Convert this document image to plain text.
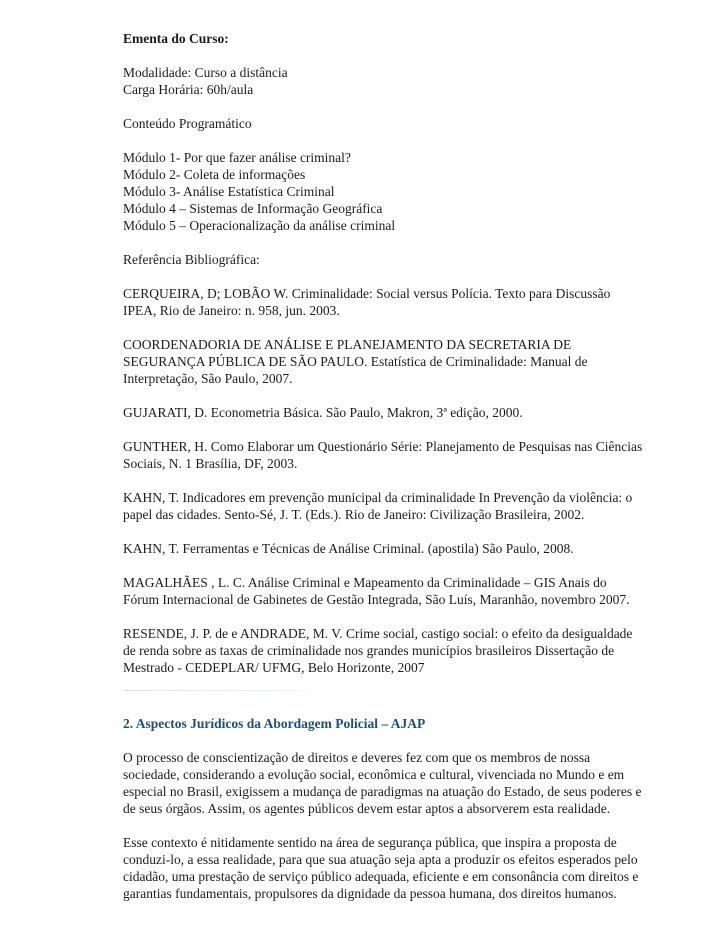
Ementa do Curso:
Modalidade: Curso a distância
Carga Horária: 60h/aula
Conteúdo Programático
Módulo 1- Por que fazer análise criminal?
Módulo 2- Coleta de informações
Módulo 3- Análise Estatística Criminal
Módulo 4 – Sistemas de Informação Geográfica
Módulo 5 – Operacionalização da análise criminal
Referência Bibliográfica:
CERQUEIRA, D; LOBÃO W. Criminalidade: Social versus Polícia. Texto para Discussão
IPEA, Rio de Janeiro: n. 958, jun. 2003.
COORDENADORIA DE ANÁLISE E PLANEJAMENTO DA SECRETARIA DE
SEGURANÇA PÚBLICA DE SÃO PAULO. Estatística de Criminalidade: Manual de
Interpretação, São Paulo, 2007.
GUJARATI, D. Econometria Básica. São Paulo, Makron, 3ª edição, 2000.
GUNTHER, H. Como Elaborar um Questionário Série: Planejamento de Pesquisas nas Ciências
Sociais, N. 1 Brasília, DF, 2003.
KAHN, T. Indicadores em prevenção municipal da criminalidade In Prevenção da violência: o
papel das cidades. Sento-Sé, J. T. (Eds.). Rio de Janeiro: Civilização Brasileira, 2002.
KAHN, T. Ferramentas e Técnicas de Análise Criminal. (apostila) São Paulo, 2008.
MAGALHÃES , L. C. Análise Criminal e Mapeamento da Criminalidade – GIS Anais do
Fórum Internacional de Gabinetes de Gestão Integrada, São Luís, Maranhão, novembro 2007.
RESENDE, J. P. de e ANDRADE, M. V. Crime social, castigo social: o efeito da desigualdade
de renda sobre as taxas de criminalidade nos grandes municípios brasileiros Dissertação de
Mestrado - CEDEPLAR/ UFMG, Belo Horizonte, 2007
2. Aspectos Jurídicos da Abordagem Policial – AJAP
O processo de conscientização de direitos e deveres fez com que os membros de nossa
sociedade, considerando a evolução social, econômica e cultural, vivenciada no Mundo e em
especial no Brasil, exigissem a mudança de paradigmas na atuação do Estado, de seus poderes e
de seus órgãos. Assim, os agentes públicos devem estar aptos a absorverem esta realidade.
Esse contexto é nitidamente sentido na área de segurança pública, que inspira a proposta de
conduzi-lo, a essa realidade, para que sua atuação seja apta a produzir os efeitos esperados pelo
cidadão, uma prestação de serviço público adequada, eficiente e em consonância com direitos e
garantias fundamentais, propulsores da dignidade da pessoa humana, dos direitos humanos.
